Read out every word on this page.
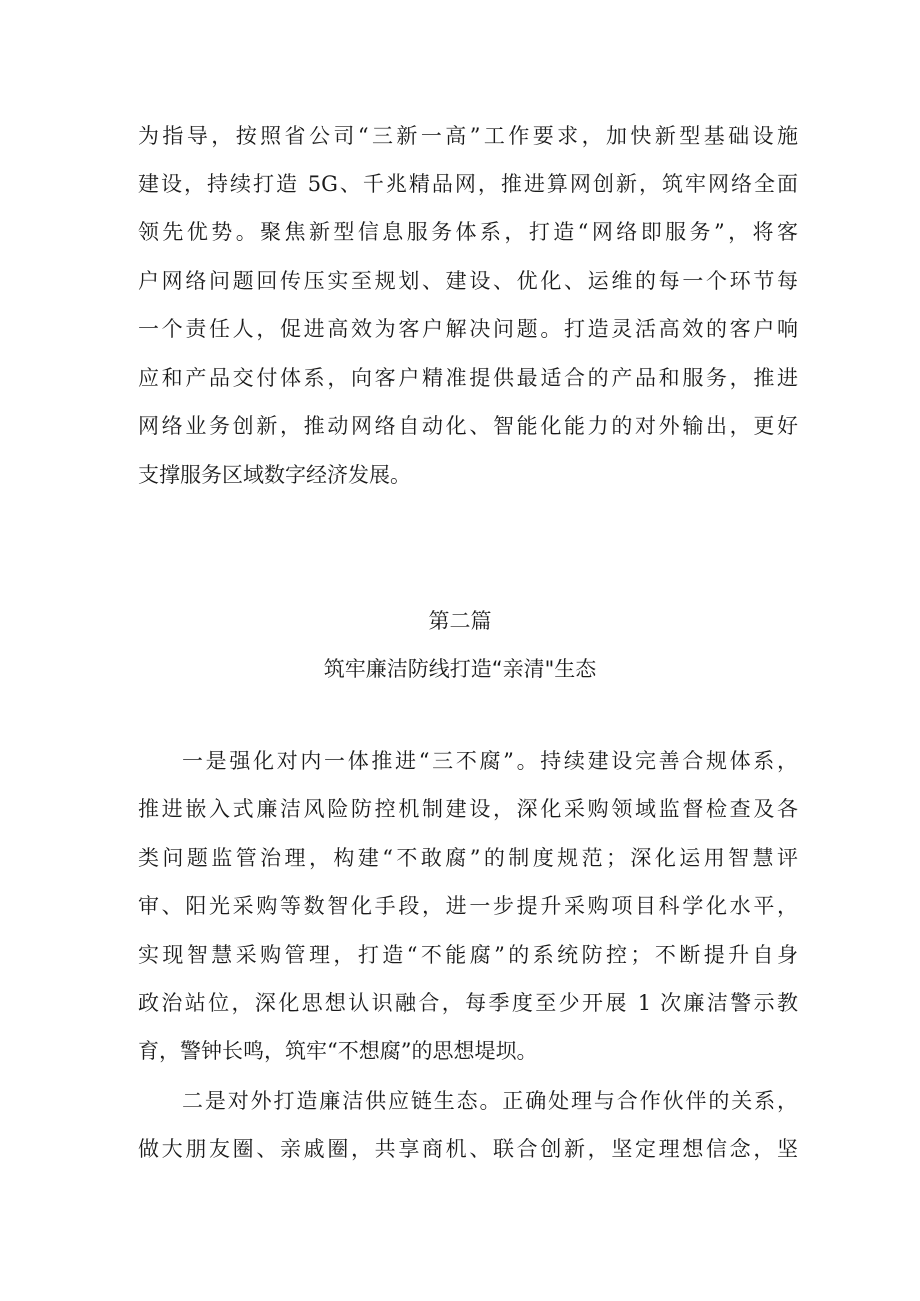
为指导，按照省公司“三新一高”工作要求，加快新型基础设施
建设，持续打造 5G、千兆精品网，推进算网创新，筑牢网络全面
领先优势。聚焦新型信息服务体系，打造“网络即服务”，将客
户网络问题回传压实至规划、建设、优化、运维的每一个环节每
一个责任人，促进高效为客户解决问题。打造灵活高效的客户响
应和产品交付体系，向客户精准提供最适合的产品和服务，推进
网络业务创新，推动网络自动化、智能化能力的对外输出，更好
支撑服务区域数字经济发展。
第二篇
筑牢廉洁防线打造“亲清"生态
一是强化对内一体推进“三不腐”。持续建设完善合规体系，
推进嵌入式廉洁风险防控机制建设，深化采购领域监督检查及各
类问题监管治理，构建“不敢腐”的制度规范；深化运用智慧评
审、阳光采购等数智化手段，进一步提升采购项目科学化水平，
实现智慧采购管理，打造“不能腐”的系统防控；不断提升自身
政治站位，深化思想认识融合，每季度至少开展 1 次廉洁警示教
育，警钟长鸣，筑牢“不想腐”的思想堤坝。
二是对外打造廉洁供应链生态。正确处理与合作伙伴的关系，
做大朋友圈、亲戚圈，共享商机、联合创新，坚定理想信念，坚
